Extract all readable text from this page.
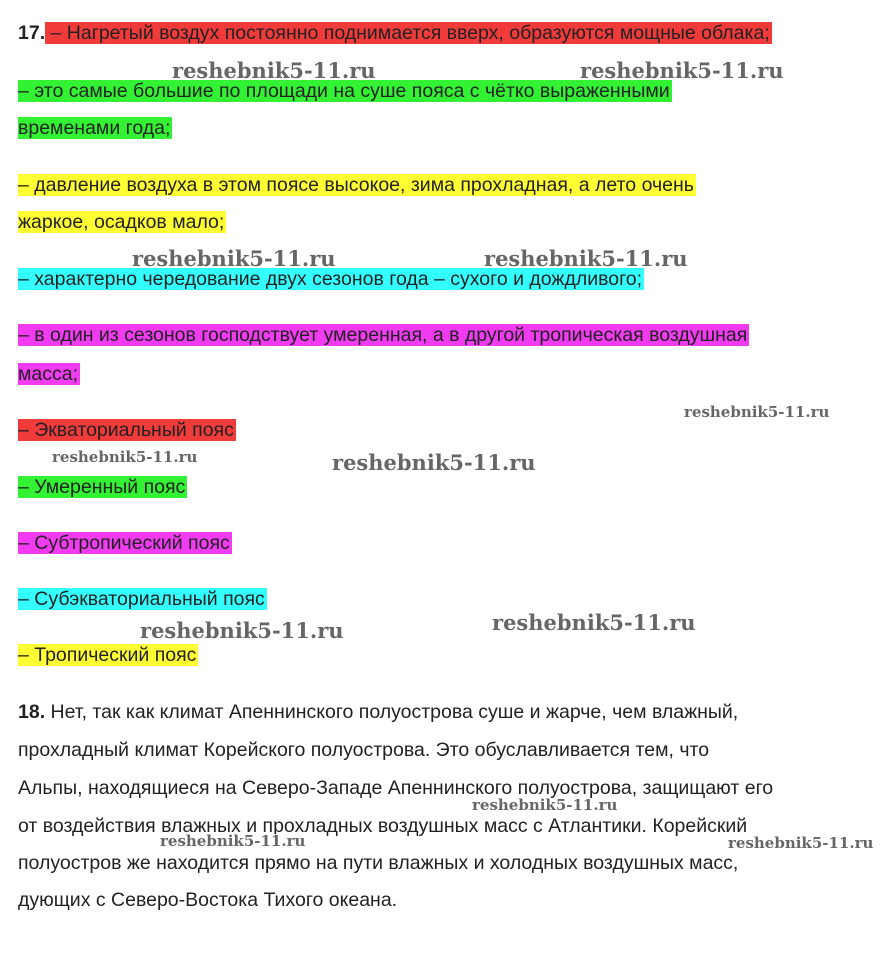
17. – Нагретый воздух постоянно поднимается вверх, образуются мощные облака;
– это самые большие по площади на суше пояса с чётко выраженными
временами года;
– давление воздуха в этом поясе высокое, зима прохладная, а лето очень
жаркое, осадков мало;
– характерно чередование двух сезонов года – сухого и дождливого;
– в один из сезонов господствует умеренная, а в другой тропическая воздушная
масса;
– Экваториальный пояс
– Умеренный пояс
– Субтропический пояс
– Субэкваториальный пояс
– Тропический пояс
18. Нет, так как климат Апеннинского полуострова суше и жарче, чем влажный,
прохладный климат Корейского полуострова. Это обуславливается тем, что
Альпы, находящиеся на Северо-Западе Апеннинского полуострова, защищают его
от воздействия влажных и прохладных воздушных масс с Атлантики. Корейский
полуостров же находится прямо на пути влажных и холодных воздушных масс,
дующих с Северо-Востока Тихого океана.
reshebnik5-11.ru	reshebnik5-11.ru
reshebnik5-11.ru	reshebnik5-11.ru
reshebnik5-11.ru
reshebnik5-11.ru	reshebnik5-11.ru
reshebnik5-11.ru
reshebnik5-11.ru
reshebnik5-11.ru
reshebnik5-11.ru	reshebnik5-11.ru
